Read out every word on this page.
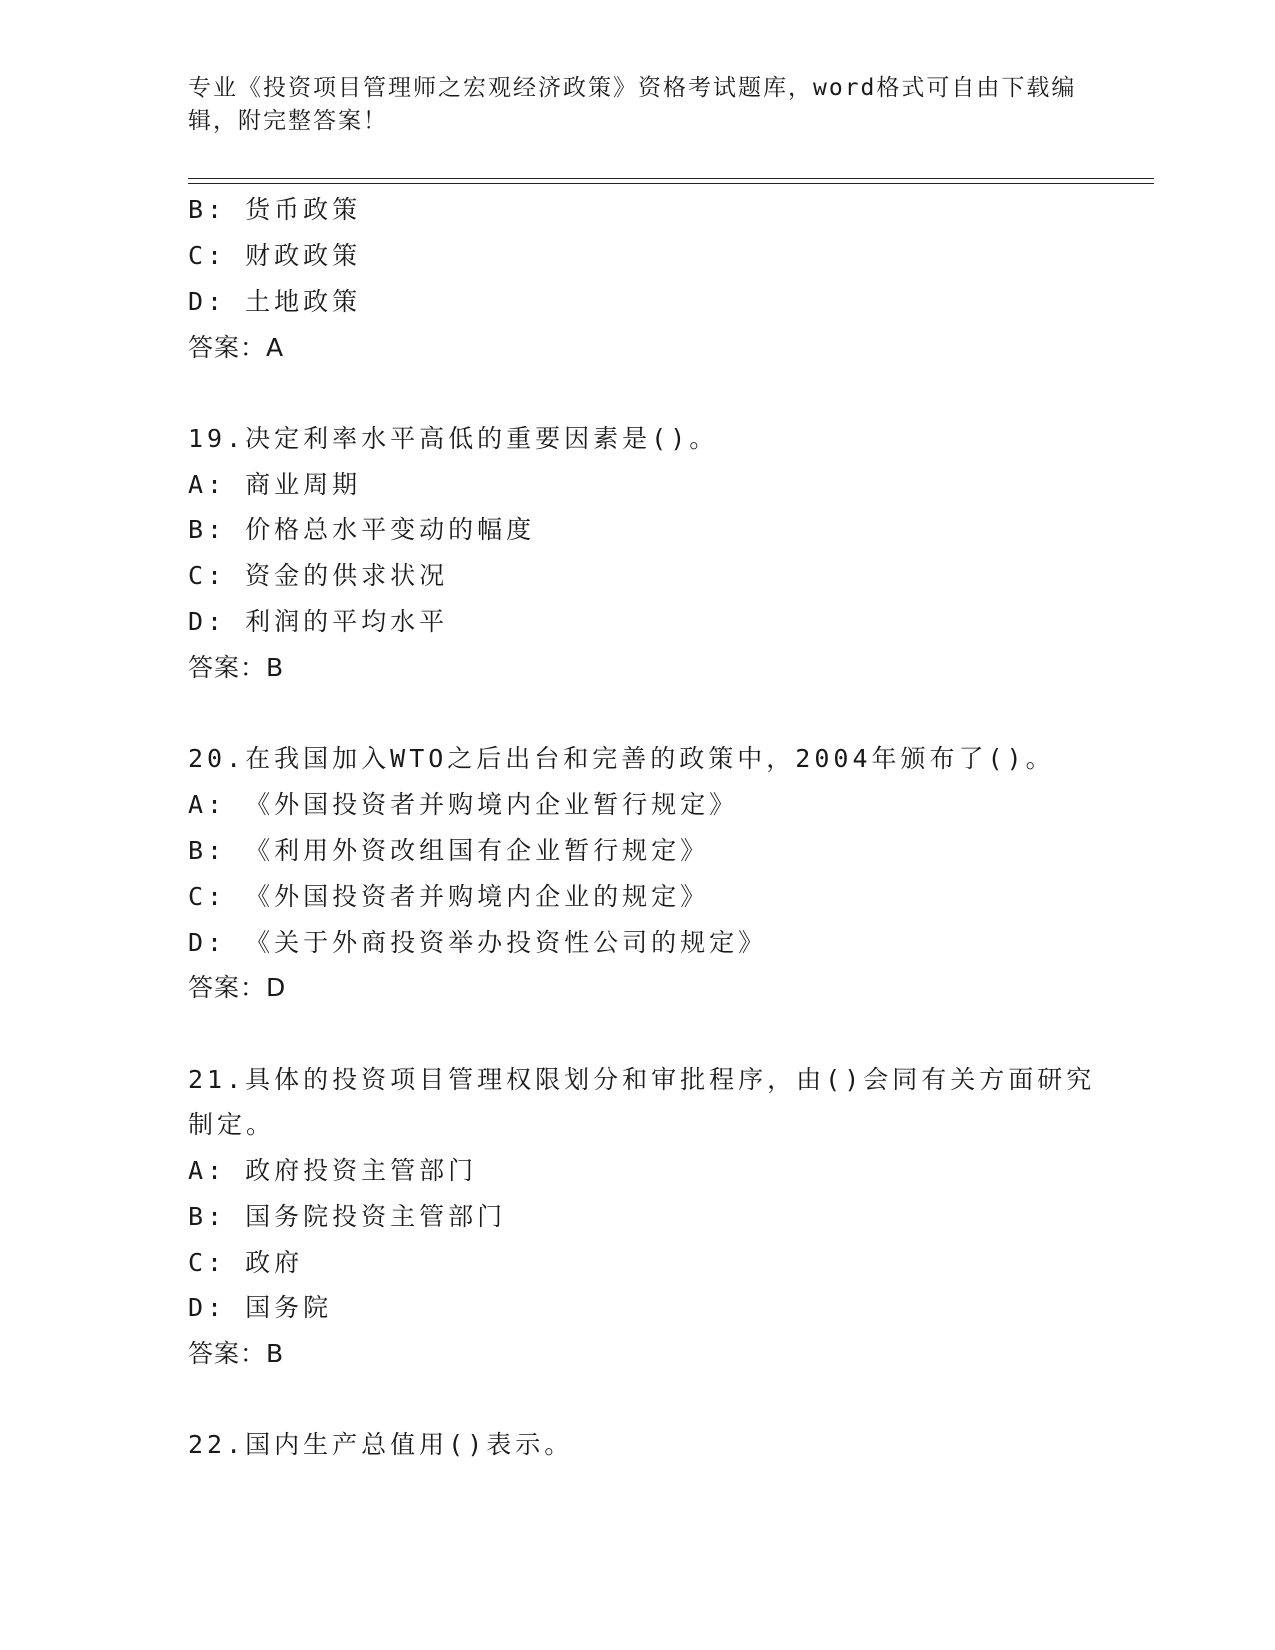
专业《投资项目管理师之宏观经济政策》资格考试题库，word格式可自由下载编辑，附完整答案！
B: 货币政策
C: 财政政策
D: 土地政策
答案：A
19.决定利率水平高低的重要因素是()。
A: 商业周期
B: 价格总水平变动的幅度
C: 资金的供求状况
D: 利润的平均水平
答案：B
20.在我国加入WTO之后出台和完善的政策中，2004年颁布了()。
A: 《外国投资者并购境内企业暂行规定》
B: 《利用外资改组国有企业暂行规定》
C: 《外国投资者并购境内企业的规定》
D: 《关于外商投资举办投资性公司的规定》
答案：D
21.具体的投资项目管理权限划分和审批程序，由()会同有关方面研究
制定。
A: 政府投资主管部门
B: 国务院投资主管部门
C: 政府
D: 国务院
答案：B
22.国内生产总值用()表示。
